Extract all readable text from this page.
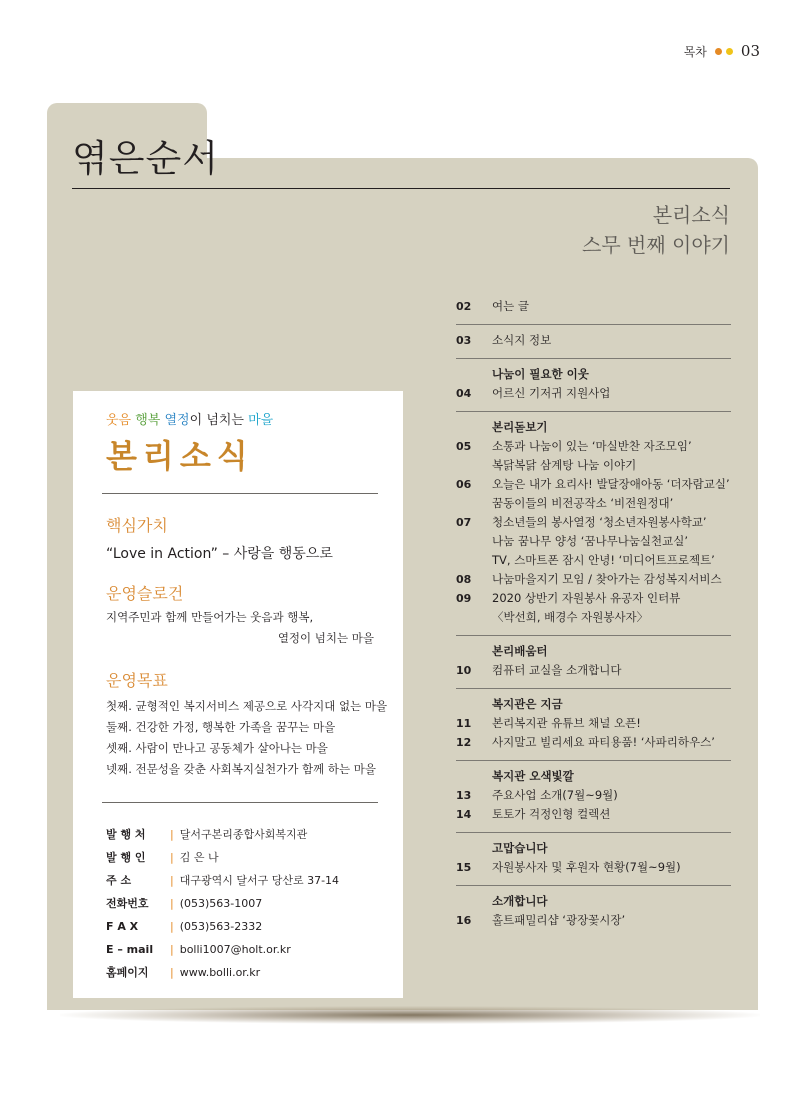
목차 03
엮은순서
본리소식
스무 번째 이야기
웃음 행복 열정이 넘치는 마을
본리소식
핵심가치
“Love in Action” – 사랑을 행동으로
운영슬로건
지역주민과 함께 만들어가는 웃음과 행복,
열정이 넘치는 마을
운영목표
첫째. 균형적인 복지서비스 제공으로 사각지대 없는 마을
둘째. 건강한 가정, 행복한 가족을 꿈꾸는 마을
셋째. 사람이 만나고 공동체가 살아나는 마을
넷째. 전문성을 갖춘 사회복지실천가가 함께 하는 마을
발 행 처	| 달서구본리종합사회복지관
발 행 인	| 김 은 나
주 소	| 대구광역시 달서구 당산로 37-14
전화번호	| (053)563-1007
F A X	| (053)563-2332
E – mail	| bolli1007@holt.or.kr
홈페이지	| www.bolli.or.kr
02	여는 글
03	소식지 정보
나눔이 필요한 이웃
04	어르신 기저귀 지원사업
본리돋보기
05	소통과 나눔이 있는 ‘마실반찬 자조모임’
복닭복닭 삼계탕 나눔 이야기
06	오늘은 내가 요리사! 발달장애아동 ‘더자람교실’
꿈동이들의 비전공작소 ‘비전원정대’
07	청소년들의 봉사열정 ‘청소년자원봉사학교’
나눔 꿈나무 양성 ‘꿈나무나눔실천교실’
TV, 스마트폰 잠시 안녕! ‘미디어트프로젝트’
08	나눔마을지기 모임 / 찾아가는 감성복지서비스
09	2020 상반기 자원봉사 유공자 인터뷰
〈박선희, 배경수 자원봉사자〉
본리배움터
10	컴퓨터 교실을 소개합니다
복지관은 지금
11	본리복지관 유튜브 채널 오픈!
12	사지말고 빌리세요 파티용품! ‘사파리하우스’
복지관 오색빛깔
13	주요사업 소개(7월~9월)
14	토토가 걱정인형 컬렉션
고맙습니다
15	자원봉사자 및 후원자 현황(7월~9월)
소개합니다
16	홀트패밀리샵 ‘광장꽃시장’
